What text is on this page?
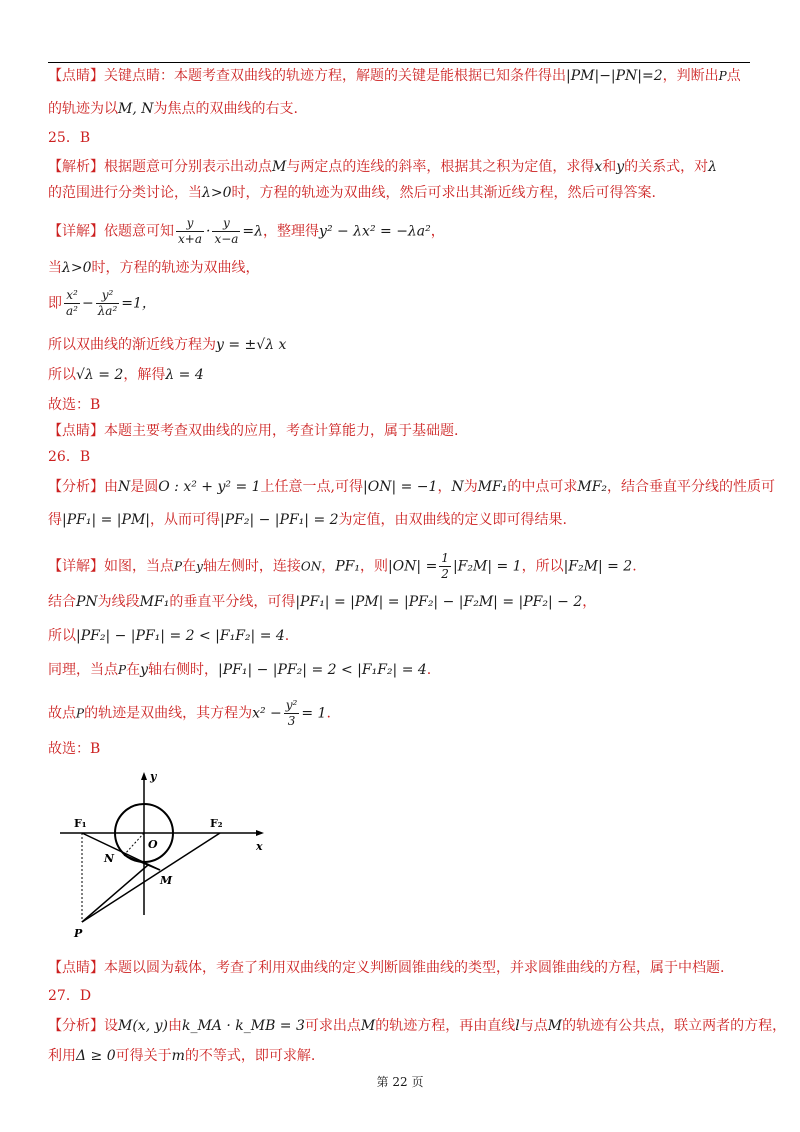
【点睛】关键点睛：本题考查双曲线的轨迹方程，解题的关键是能根据已知条件得出|PM|−|PN|=2，判断出P点
的轨迹为以M, N为焦点的双曲线的右支.
25．B
【解析】根据题意可分别表示出动点M与两定点的连线的斜率，根据其之积为定值，求得x和y的关系式，对λ
的范围进行分类讨论，当λ>0时，方程的轨迹为双曲线，然后可求出其渐近线方程，然后可得答案.
【详解】依题意可知 $\frac{y}{x+a} \cdot \frac{y}{x-a} =\lambda$，整理得y² − λx² = −λa²，
当λ>0时，方程的轨迹为双曲线，
即 $\frac{\text{x²}}{\text{a²}} - \frac{\text{y²}}{\text{λa²}} =1$，
所以双曲线的渐近线方程为y = ±√λ x
所以√λ = 2，解得λ = 4
故选：B
【点睛】本题主要考查双曲线的应用，考查计算能力，属于基础题.
26．B
【分析】由N是圆O : x² + y² = 1上任意一点,可得|ON| = −1，N为MF₁的中点可求MF₂，结合垂直平分线的性质可
得|PF₁| = |PM|，从而可得|PF₂| − |PF₁| = 2为定值，由双曲线的定义即可得结果.
【详解】如图，当点P在y轴左侧时，连接ON，PF₁，则$|ON| = \frac{1}{2} |F_2M| = 1$，所以|F₂M| = 2.
结合PN为线段MF₁的垂直平分线，可得|PF₁| = |PM| = |PF₂| − |F₂M| = |PF₂| − 2，
所以|PF₂| − |PF₁| = 2 < |F₁F₂| = 4.
同理，当点P在y轴右侧时，|PF₁| − |PF₂| = 2 < |F₁F₂| = 4.
故点P的轨迹是双曲线，其方程为$x^2 - \frac{\text{y²}}{3} = 1$.
故选：B
y
x
F₁	F₂
O
N
M
P
【点睛】本题以圆为载体，考查了利用双曲线的定义判断圆锥曲线的类型，并求圆锥曲线的方程，属于中档题.
27．D
【分析】设M(x, y)由k_MA · k_MB = 3可求出点M的轨迹方程，再由直线l与点M的轨迹有公共点，联立两者的方程，
利用Δ ≥ 0可得关于m的不等式，即可求解.
第 22 页
